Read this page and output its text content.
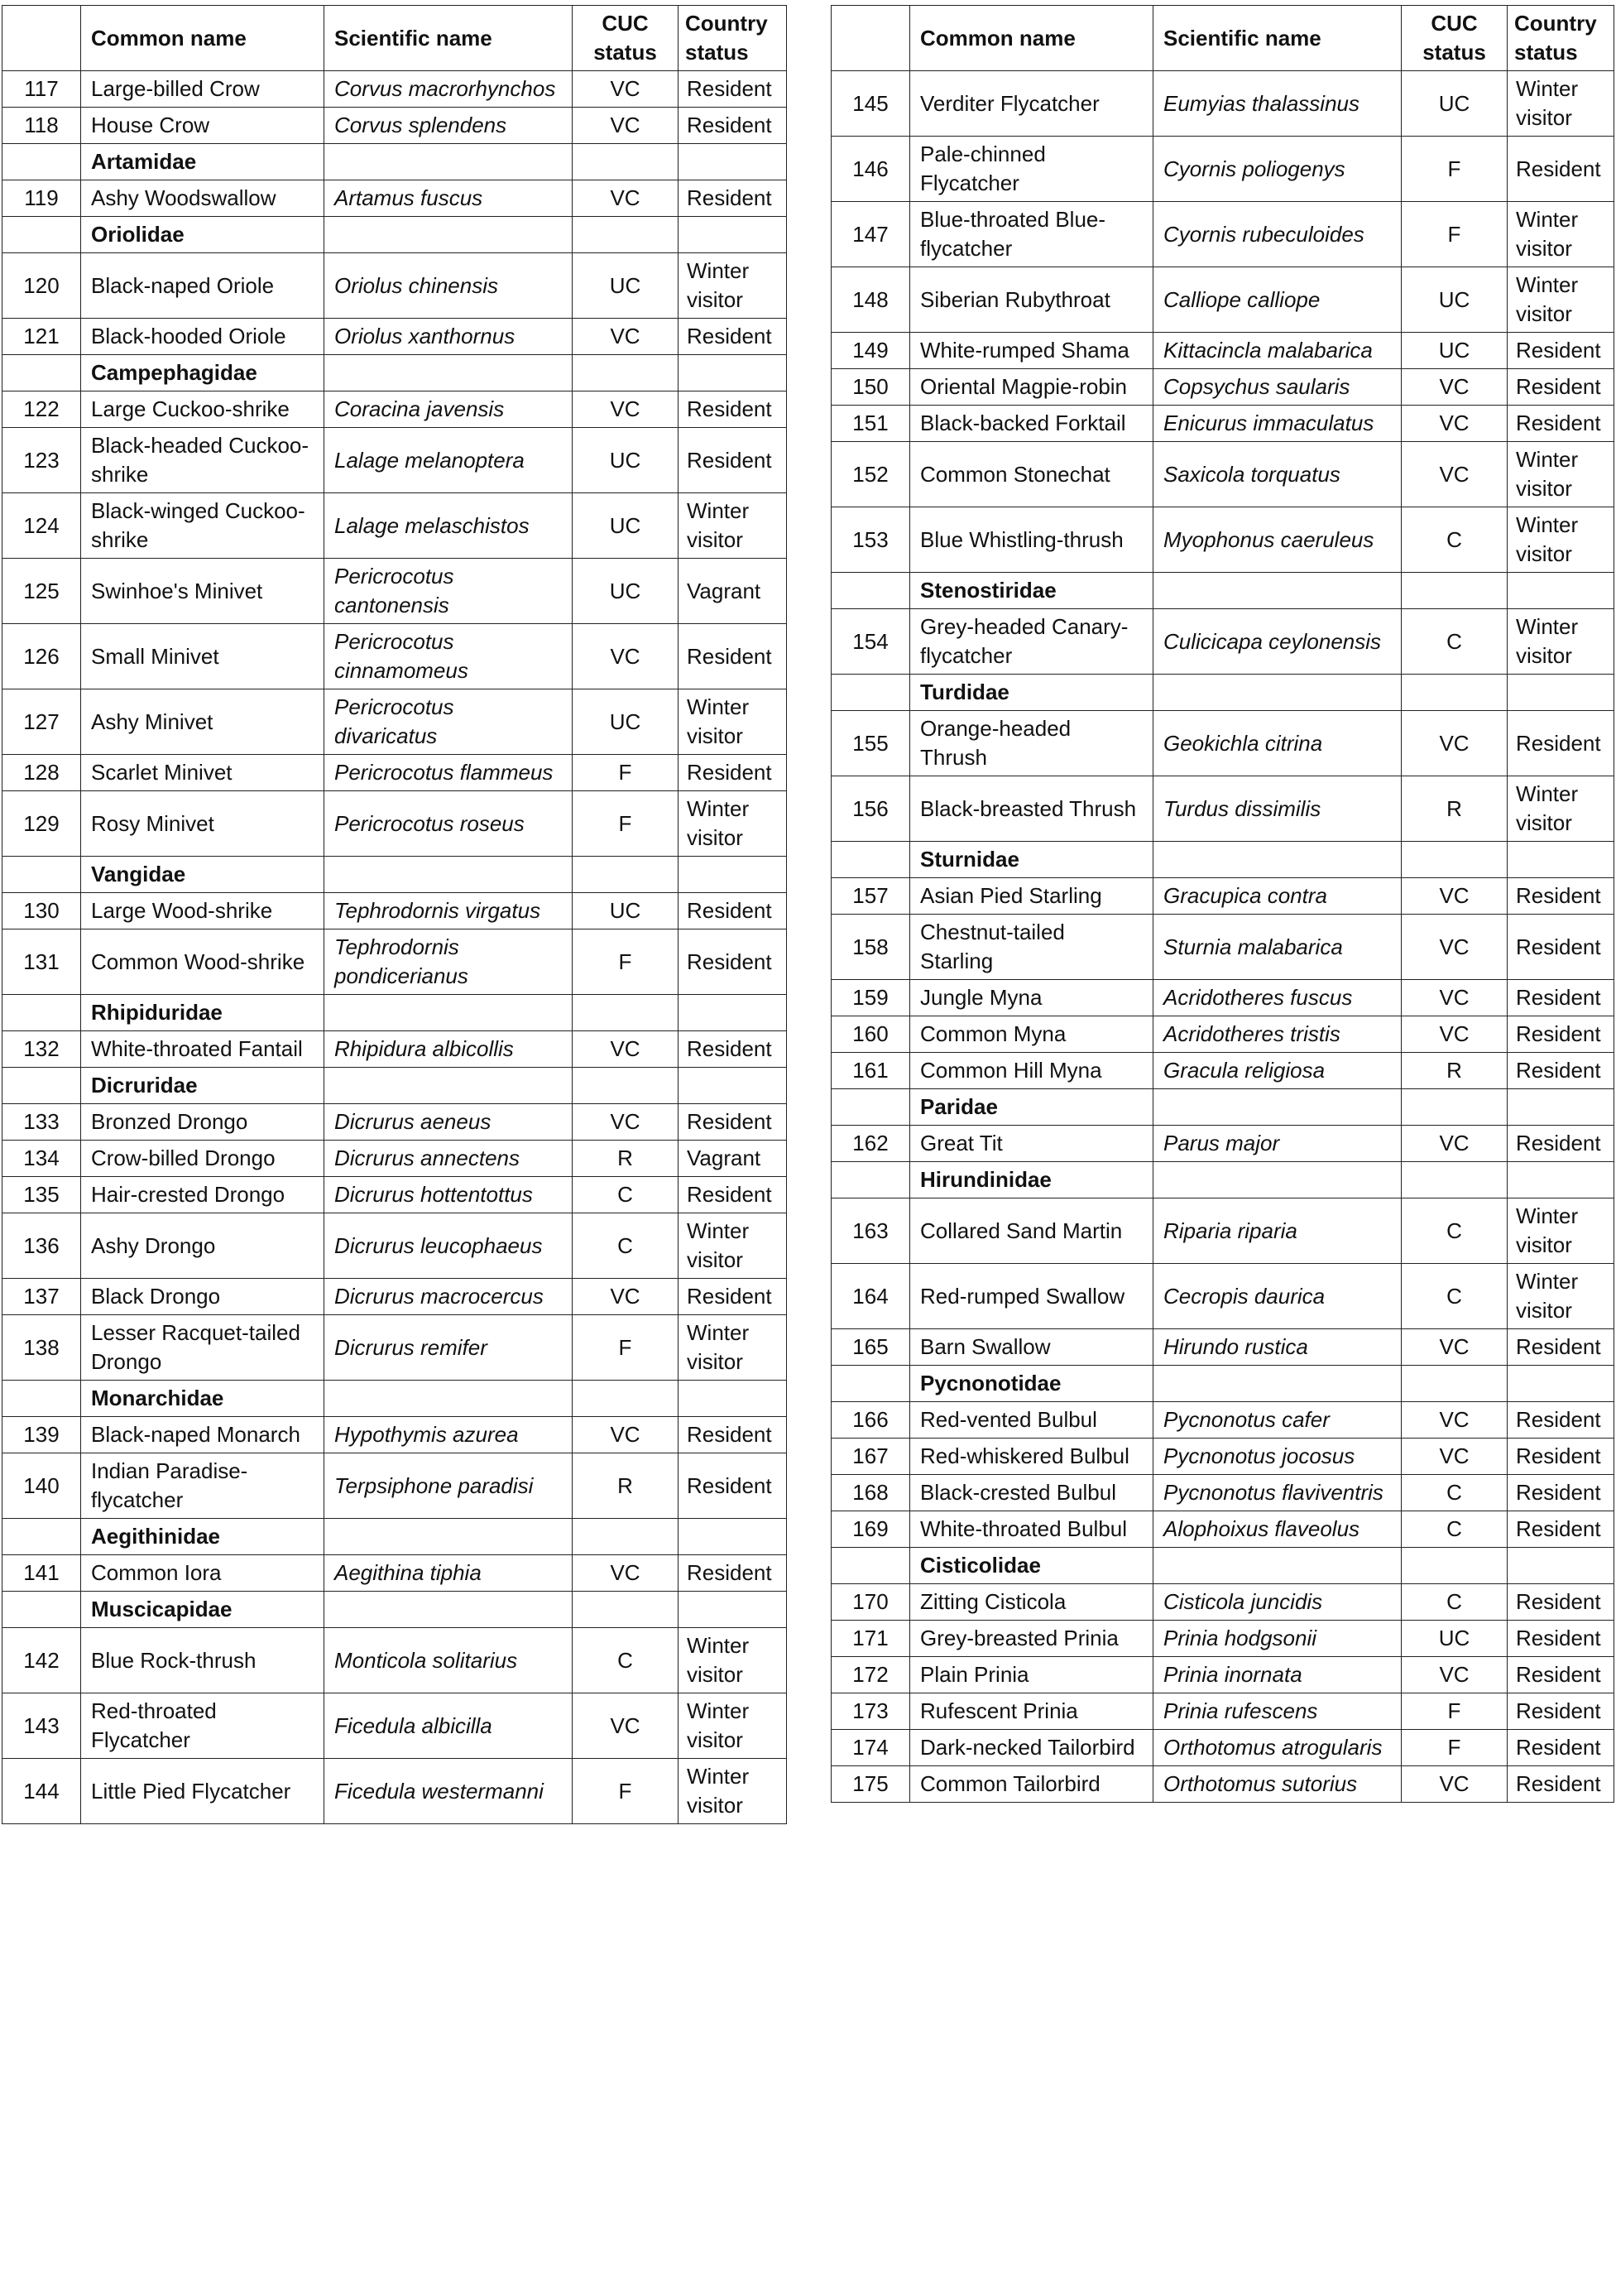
	Common name	Scientific name	CUC status	Country status
117	Large-billed Crow	Corvus macrorhynchos	VC	Resident
118	House Crow	Corvus splendens	VC	Resident
	Artamidae			
119	Ashy Woodswallow	Artamus fuscus	VC	Resident
	Oriolidae			
120	Black-naped Oriole	Oriolus chinensis	UC	Winter visitor
121	Black-hooded Oriole	Oriolus xanthornus	VC	Resident
	Campephagidae			
122	Large Cuckoo-shrike	Coracina javensis	VC	Resident
123	Black-headed Cuckoo-shrike	Lalage melanoptera	UC	Resident
124	Black-winged Cuckoo-shrike	Lalage melaschistos	UC	Winter visitor
125	Swinhoe's Minivet	Pericrocotus cantonensis	UC	Vagrant
126	Small Minivet	Pericrocotus cinnamomeus	VC	Resident
127	Ashy Minivet	Pericrocotus divaricatus	UC	Winter visitor
128	Scarlet Minivet	Pericrocotus flammeus	F	Resident
129	Rosy Minivet	Pericrocotus roseus	F	Winter visitor
	Vangidae			
130	Large Wood-shrike	Tephrodornis virgatus	UC	Resident
131	Common Wood-shrike	Tephrodornis pondicerianus	F	Resident
	Rhipiduridae			
132	White-throated Fantail	Rhipidura albicollis	VC	Resident
	Dicruridae			
133	Bronzed Drongo	Dicrurus aeneus	VC	Resident
134	Crow-billed Drongo	Dicrurus annectens	R	Vagrant
135	Hair-crested Drongo	Dicrurus hottentottus	C	Resident
136	Ashy Drongo	Dicrurus leucophaeus	C	Winter visitor
137	Black Drongo	Dicrurus macrocercus	VC	Resident
138	Lesser Racquet-tailed Drongo	Dicrurus remifer	F	Winter visitor
	Monarchidae			
139	Black-naped Monarch	Hypothymis azurea	VC	Resident
140	Indian Paradise-flycatcher	Terpsiphone paradisi	R	Resident
	Aegithinidae			
141	Common Iora	Aegithina tiphia	VC	Resident
	Muscicapidae			
142	Blue Rock-thrush	Monticola solitarius	C	Winter visitor
143	Red-throated Flycatcher	Ficedula albicilla	VC	Winter visitor
144	Little Pied Flycatcher	Ficedula westermanni	F	Winter visitor
	Common name	Scientific name	CUC status	Country status
145	Verditer Flycatcher	Eumyias thalassinus	UC	Winter visitor
146	Pale-chinned Flycatcher	Cyornis poliogenys	F	Resident
147	Blue-throated Blue-flycatcher	Cyornis rubeculoides	F	Winter visitor
148	Siberian Rubythroat	Calliope calliope	UC	Winter visitor
149	White-rumped Shama	Kittacincla malabarica	UC	Resident
150	Oriental Magpie-robin	Copsychus saularis	VC	Resident
151	Black-backed Forktail	Enicurus immaculatus	VC	Resident
152	Common Stonechat	Saxicola torquatus	VC	Winter visitor
153	Blue Whistling-thrush	Myophonus caeruleus	C	Winter visitor
	Stenostiridae			
154	Grey-headed Canary-flycatcher	Culicicapa ceylonensis	C	Winter visitor
	Turdidae			
155	Orange-headed Thrush	Geokichla citrina	VC	Resident
156	Black-breasted Thrush	Turdus dissimilis	R	Winter visitor
	Sturnidae			
157	Asian Pied Starling	Gracupica contra	VC	Resident
158	Chestnut-tailed Starling	Sturnia malabarica	VC	Resident
159	Jungle Myna	Acridotheres fuscus	VC	Resident
160	Common Myna	Acridotheres tristis	VC	Resident
161	Common Hill Myna	Gracula religiosa	R	Resident
	Paridae			
162	Great Tit	Parus major	VC	Resident
	Hirundinidae			
163	Collared Sand Martin	Riparia riparia	C	Winter visitor
164	Red-rumped Swallow	Cecropis daurica	C	Winter visitor
165	Barn Swallow	Hirundo rustica	VC	Resident
	Pycnonotidae			
166	Red-vented Bulbul	Pycnonotus cafer	VC	Resident
167	Red-whiskered Bulbul	Pycnonotus jocosus	VC	Resident
168	Black-crested Bulbul	Pycnonotus flaviventris	C	Resident
169	White-throated Bulbul	Alophoixus flaveolus	C	Resident
	Cisticolidae			
170	Zitting Cisticola	Cisticola juncidis	C	Resident
171	Grey-breasted Prinia	Prinia hodgsonii	UC	Resident
172	Plain Prinia	Prinia inornata	VC	Resident
173	Rufescent Prinia	Prinia rufescens	F	Resident
174	Dark-necked Tailorbird	Orthotomus atrogularis	F	Resident
175	Common Tailorbird	Orthotomus sutorius	VC	Resident
